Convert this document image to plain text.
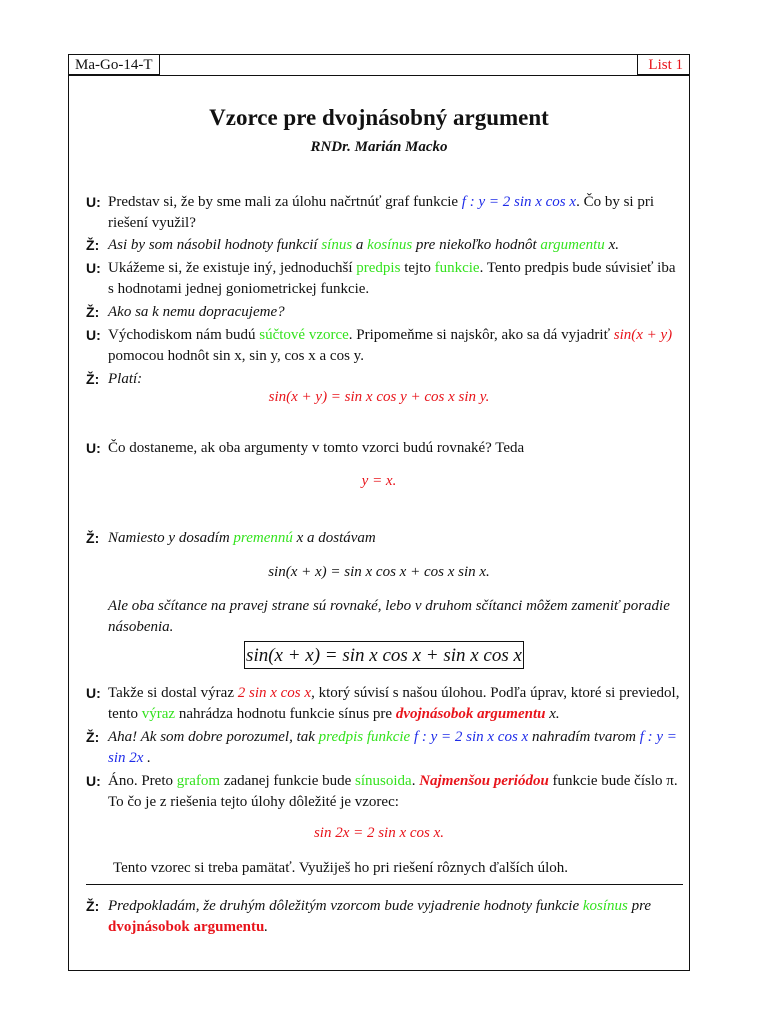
Ma-Go-14-T	List 1
Vzorce pre dvojnásobný argument
RNDr. Marián Macko
U: Predstav si, že by sme mali za úlohu načrtnúť graf funkcie f : y = 2 sin x cos x. Čo by si pri riešení využil?
Ž: Asi by som násobil hodnoty funkcií sínus a kosínus pre niekoľko hodnôt argumentu x.
U: Ukážeme si, že existuje iný, jednoduchší predpis tejto funkcie. Tento predpis bude súvisieť iba s hodnotami jednej goniometrickej funkcie.
Ž: Ako sa k nemu dopracujeme?
U: Východiskom nám budú súčtové vzorce. Pripomeňme si najskôr, ako sa dá vyjadriť sin(x + y) pomocou hodnôt sin x, sin y, cos x a cos y.
Ž: Platí:
sin(x + y) = sin x cos y + cos x sin y.
U: Čo dostaneme, ak oba argumenty v tomto vzorci budú rovnaké? Teda
y = x.
Ž: Namiesto y dosadím premennú x a dostávam
sin(x + x) = sin x cos x + cos x sin x.
Ale oba sčítance na pravej strane sú rovnaké, lebo v druhom sčítanci môžem zameniť poradie násobenia.
sin(x + x) = sin x cos x + sin x cos x
U: Takže si dostal výraz 2 sin x cos x, ktorý súvisí s našou úlohou. Podľa úprav, ktoré si previedol, tento výraz nahrádza hodnotu funkcie sínus pre dvojnásobok argumentu x.
Ž: Aha! Ak som dobre porozumel, tak predpis funkcie f : y = 2 sin x cos x nahradím tvarom f : y = sin 2x .
U: Áno. Preto grafom zadanej funkcie bude sínusoida. Najmenšou periódou funkcie bude číslo π. To čo je z riešenia tejto úlohy dôležité je vzorec:
sin 2x = 2 sin x cos x.
Tento vzorec si treba pamätať. Využiješ ho pri riešení rôznych ďalších úloh.
Ž: Predpokladám, že druhým dôležitým vzorcom bude vyjadrenie hodnoty funkcie kosínus pre dvojnásobok argumentu.
